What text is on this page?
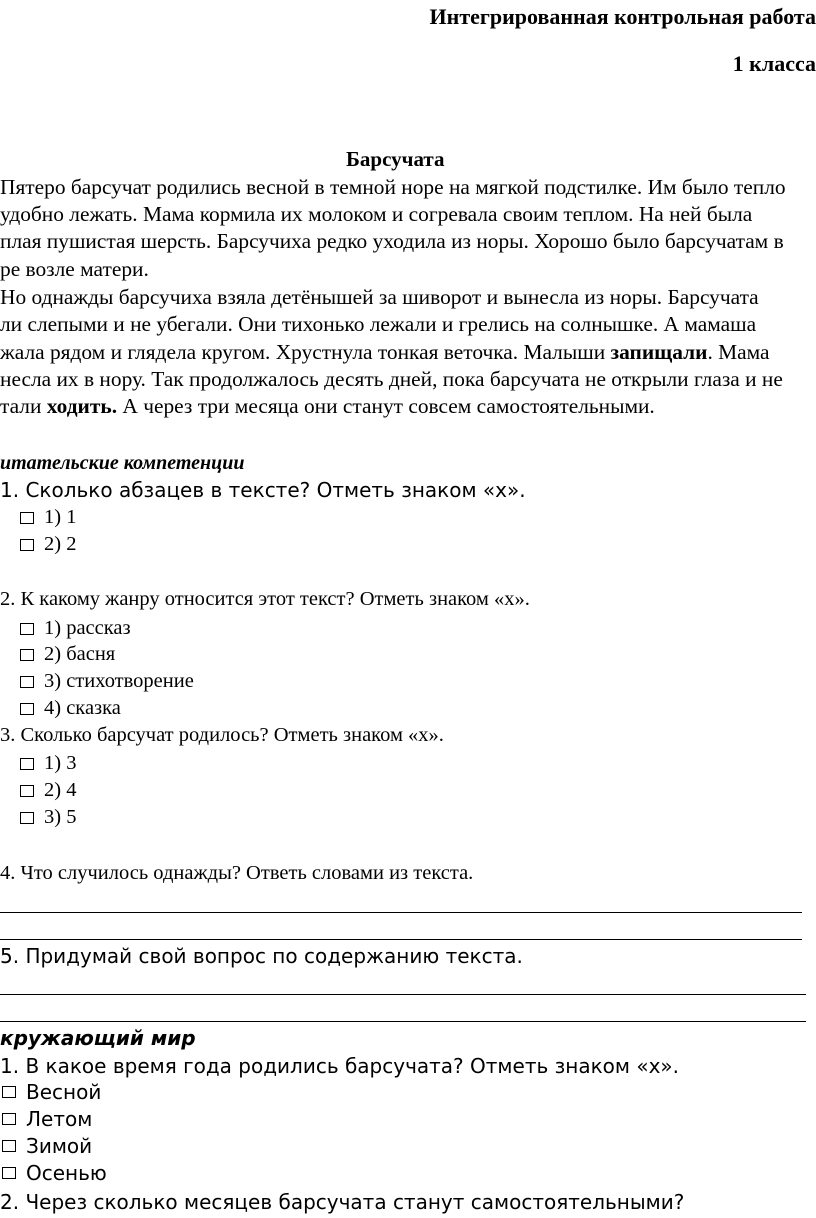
Интегрированная контрольная работа
1 класса
Барсучата
Пятеро барсучат родились весной в темной норе на мягкой подстилке. Им было тепло
удобно лежать. Мама кормила их молоком и согревала своим теплом. На ней была
плая пушистая шерсть. Барсучиха редко уходила из норы. Хорошо было барсучатам в
ре возле матери.
Но однажды барсучиха взяла детёнышей за шиворот и вынесла из норы. Барсучата
ли слепыми и не убегали. Они тихонько лежали и грелись на солнышке. А мамаша
жала рядом и глядела кругом. Хрустнула тонкая веточка. Малыши запищали. Мама
несла их в нору. Так продолжалось десять дней, пока барсучата не открыли глаза и не
тали ходить. А через три месяца они станут совсем самостоятельными.
итательские компетенции
1. Сколько абзацев в тексте? Отметь знаком «х».
1) 1
2) 2
2. К какому жанру относится этот текст? Отметь знаком «х».
1) рассказ
2) басня
3) стихотворение
4) сказка
3. Сколько барсучат родилось? Отметь знаком «х».
1) 3
2) 4
3) 5
4. Что случилось однажды? Ответь словами из текста.
5. Придумай свой вопрос по содержанию текста.
кружающий мир
1. В какое время года родились барсучата? Отметь знаком «х».
Весной
Летом
Зимой
Осенью
2. Через сколько месяцев барсучата станут самостоятельными?
